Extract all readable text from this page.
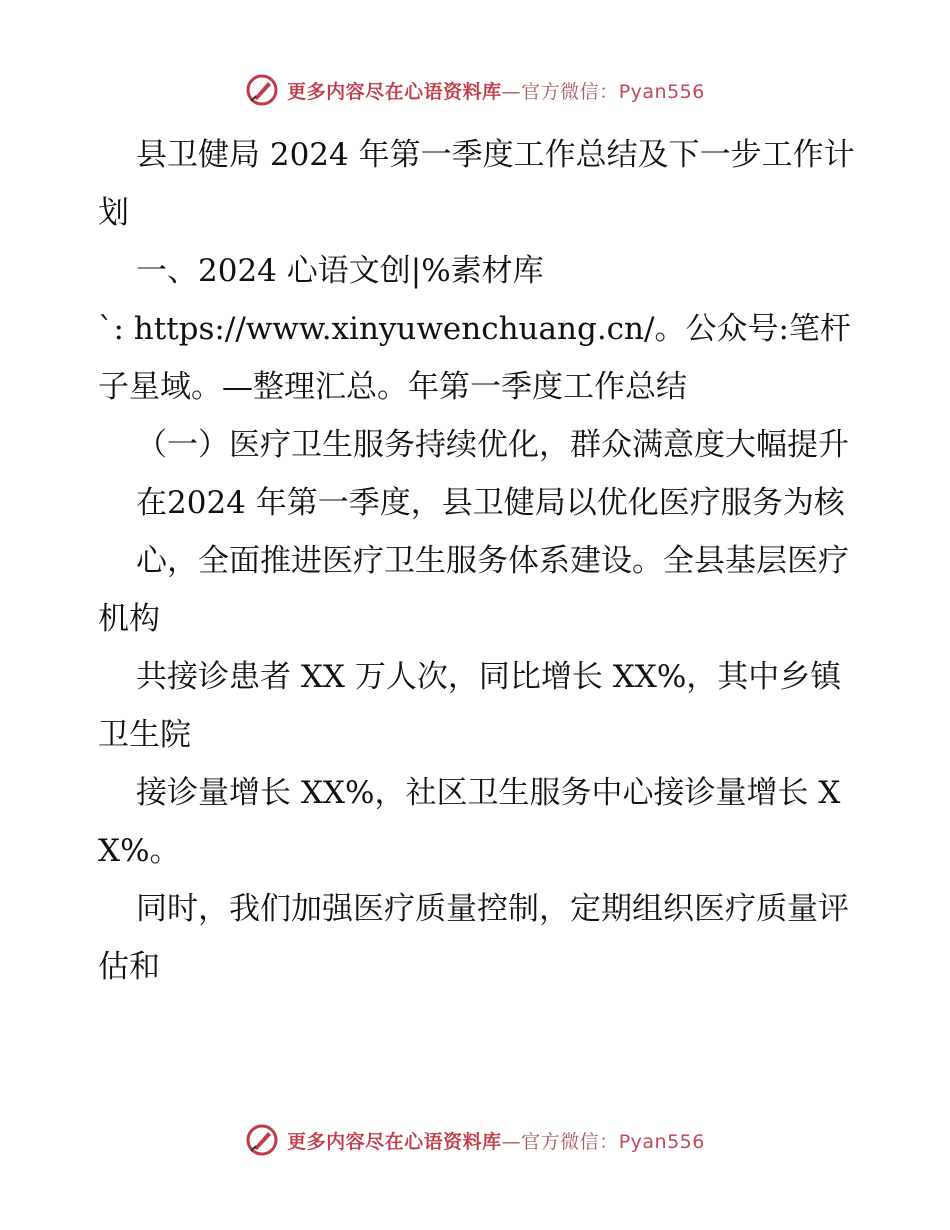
更多内容尽在心语资料库—官方微信：Pyan556

县卫健局 2024 年第一季度工作总结及下一步工作计划

一、2024 心语文创|%素材库

`: https://www.xinyuwenchuang.cn/。公众号:笔杆子星域。—整理汇总。年第一季度工作总结

（一）医疗卫生服务持续优化，群众满意度大幅提升

在2024 年第一季度，县卫健局以优化医疗服务为核

心，全面推进医疗卫生服务体系建设。全县基层医疗机构

共接诊患者 XX 万人次，同比增长 XX%，其中乡镇卫生院

接诊量增长 XX%，社区卫生服务中心接诊量增长 XX%。

同时，我们加强医疗质量控制，定期组织医疗质量评估和

更多内容尽在心语资料库—官方微信：Pyan556
